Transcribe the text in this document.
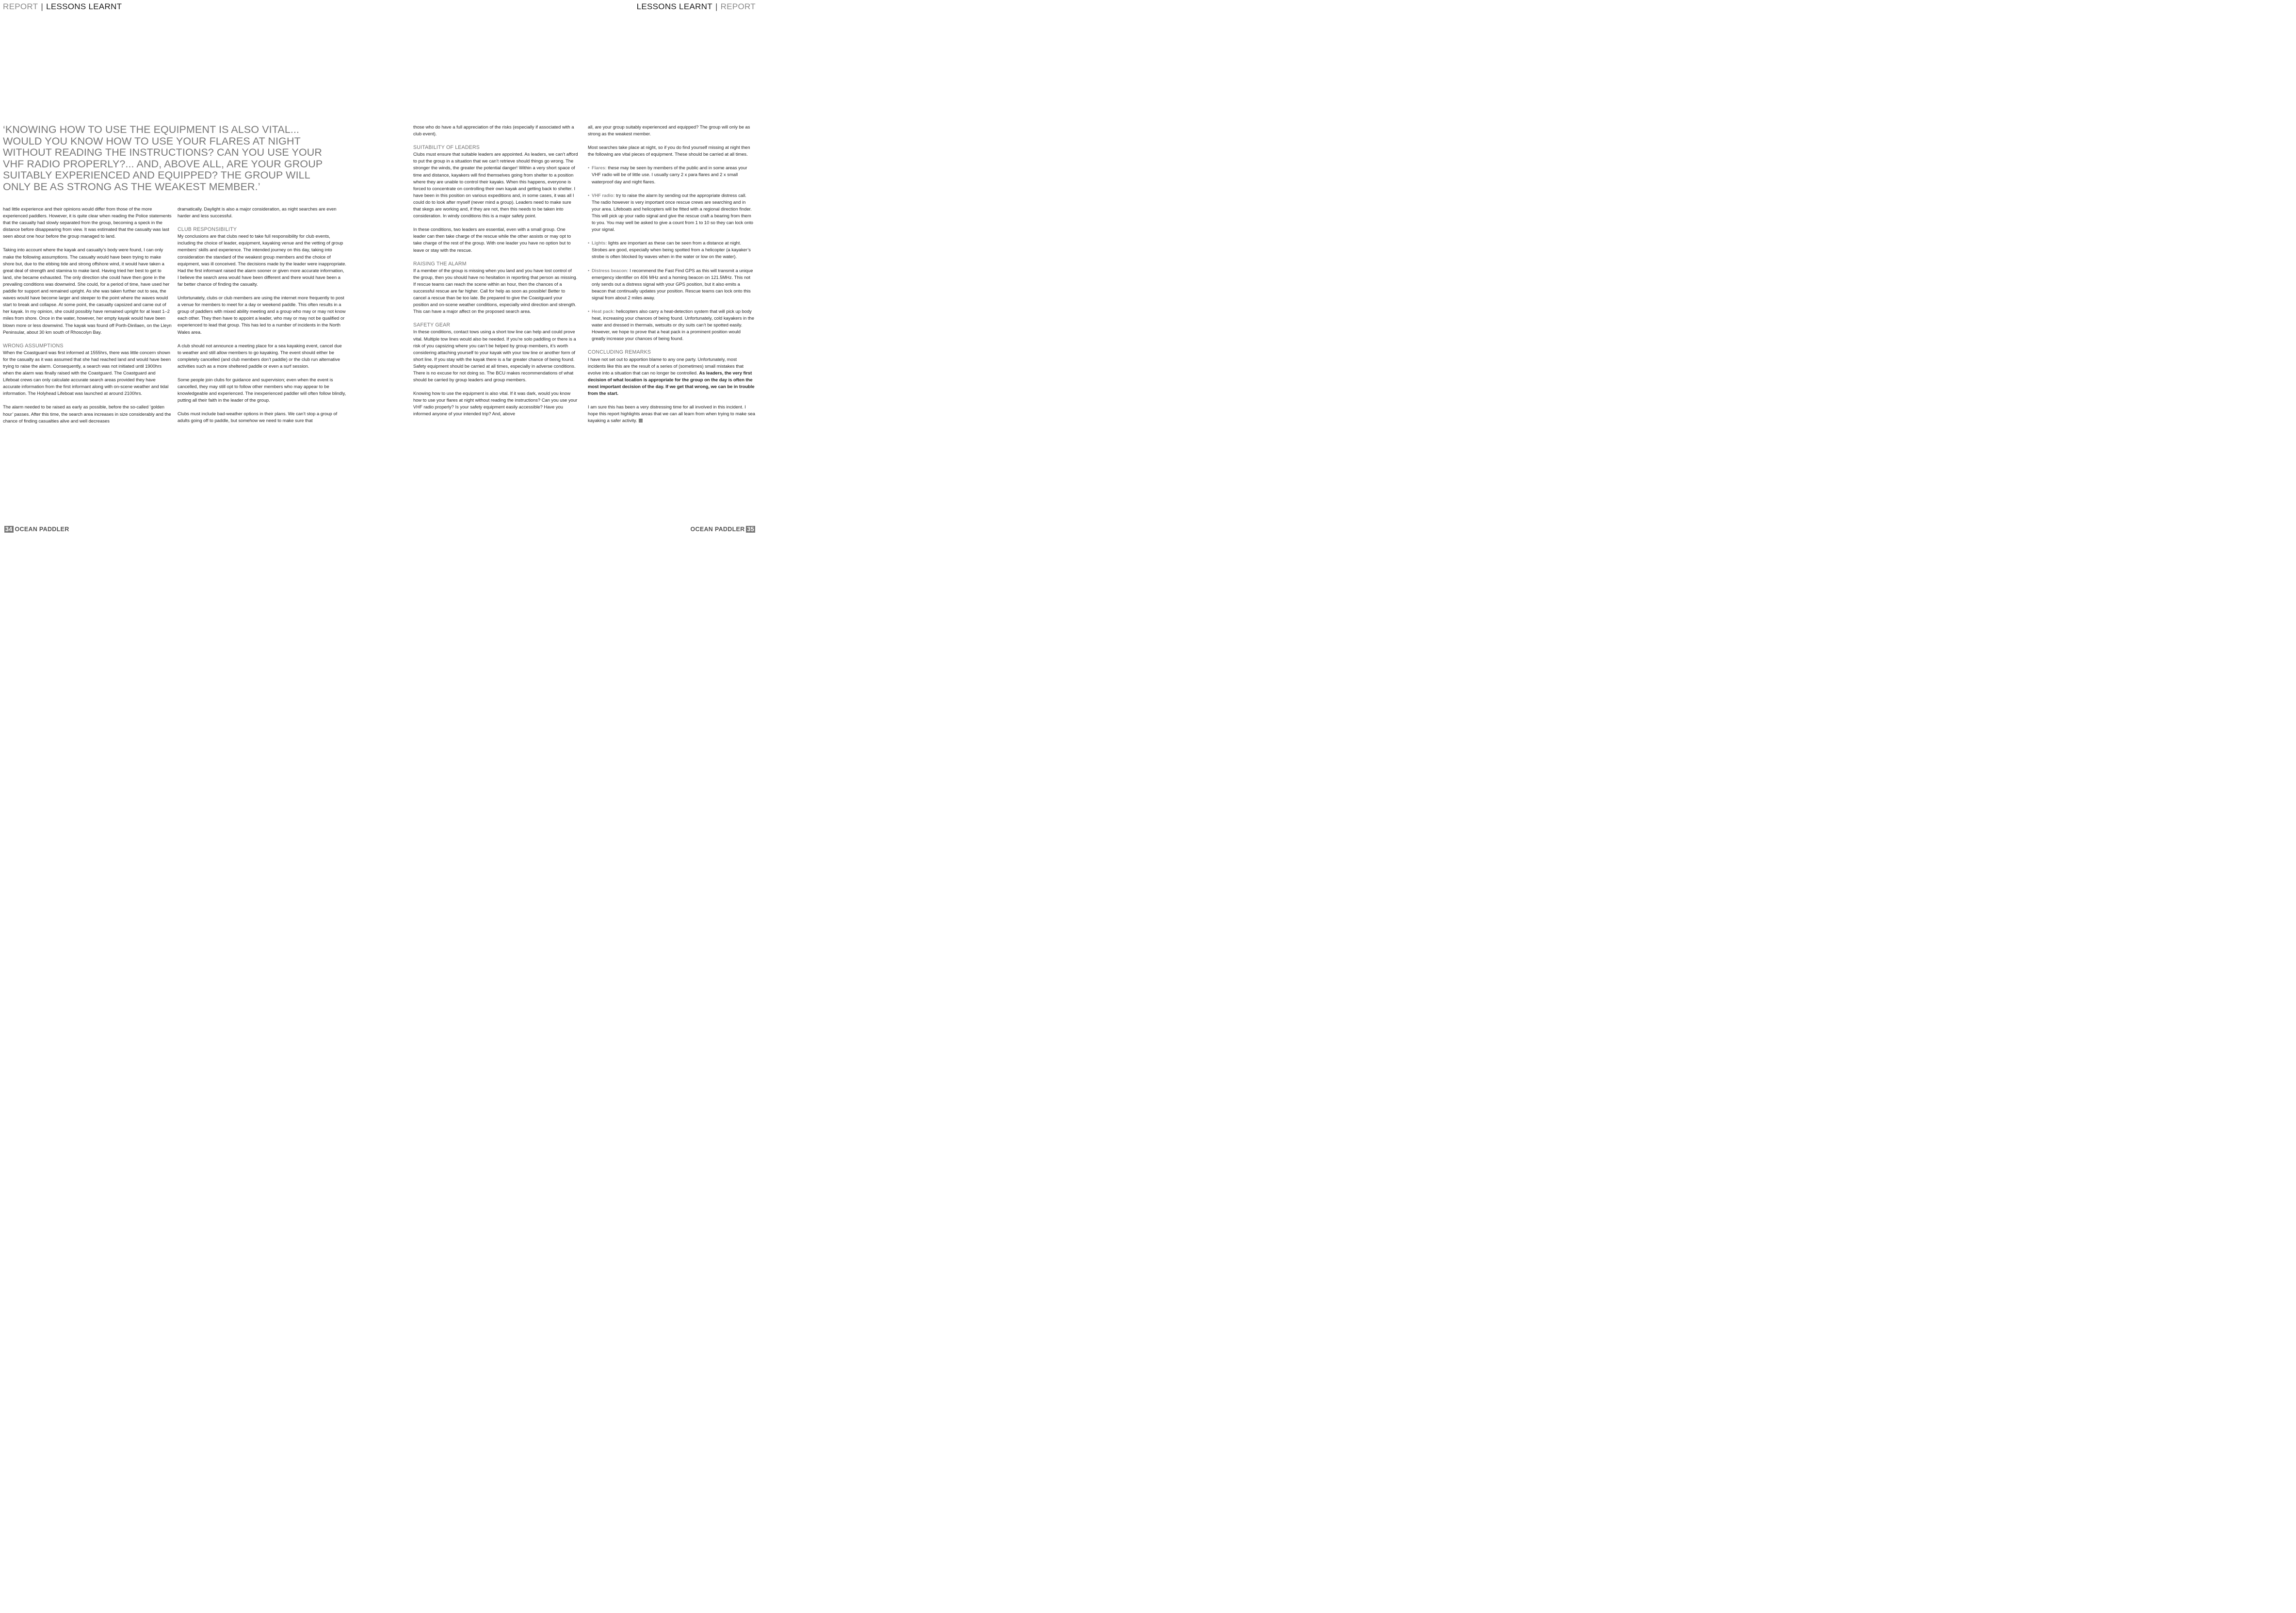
REPORT | LESSONS LEARNT	LESSONS LEARNT | REPORT

‘KNOWING HOW TO USE THE EQUIPMENT IS ALSO VITAL... WOULD YOU KNOW HOW TO USE YOUR FLARES AT NIGHT WITHOUT READING THE INSTRUCTIONS? CAN YOU USE YOUR VHF RADIO PROPERLY?... AND, ABOVE ALL, ARE YOUR GROUP SUITABLY EXPERIENCED AND EQUIPPED? THE GROUP WILL ONLY BE AS STRONG AS THE WEAKEST MEMBER.’

had little experience and their opinions would differ from those of the more experienced paddlers. However, it is quite clear when reading the Police statements that the casualty had slowly separated from the group, becoming a speck in the distance before disappearing from view. It was estimated that the casualty was last seen about one hour before the group managed to land.

Taking into account where the kayak and casualty’s body were found, I can only make the following assumptions. The casualty would have been trying to make shore but, due to the ebbing tide and strong offshore wind, it would have taken a great deal of strength and stamina to make land. Having tried her best to get to land, she became exhausted. The only direction she could have then gone in the prevailing conditions was downwind. She could, for a period of time, have used her paddle for support and remained upright. As she was taken further out to sea, the waves would have become larger and steeper to the point where the waves would start to break and collapse. At some point, the casualty capsized and came out of her kayak. In my opinion, she could possibly have remained upright for at least 1–2 miles from shore. Once in the water, however, her empty kayak would have been blown more or less downwind. The kayak was found off Porth-Dinllaen, on the Lleyn Peninsular, about 30 km south of Rhoscolyn Bay.

WRONG ASSUMPTIONS

When the Coastguard was first informed at 1555hrs, there was little concern shown for the casualty as it was assumed that she had reached land and would have been trying to raise the alarm. Consequently, a search was not initiated until 1900hrs when the alarm was finally raised with the Coastguard. The Coastguard and Lifeboat crews can only calculate accurate search areas provided they have accurate information from the first informant along with on-scene weather and tidal information. The Holyhead Lifeboat was launched at around 2100hrs.

The alarm needed to be raised as early as possible, before the so-called ‘golden hour’ passes. After this time, the search area increases in size considerably and the chance of finding casualties alive and well decreases

dramatically. Daylight is also a major consideration, as night searches are even harder and less successful.

CLUB RESPONSIBILITY

My conclusions are that clubs need to take full responsibility for club events, including the choice of leader, equipment, kayaking venue and the vetting of group members’ skills and experience. The intended journey on this day, taking into consideration the standard of the weakest group members and the choice of equipment, was ill conceived. The decisions made by the leader were inappropriate. Had the first informant raised the alarm sooner or given more accurate information, I believe the search area would have been different and there would have been a far better chance of finding the casualty.

Unfortunately, clubs or club members are using the internet more frequently to post a venue for members to meet for a day or weekend paddle. This often results in a group of paddlers with mixed ability meeting and a group who may or may not know each other. They then have to appoint a leader, who may or may not be qualified or experienced to lead that group. This has led to a number of incidents in the North Wales area.

A club should not announce a meeting place for a sea kayaking event, cancel due to weather and still allow members to go kayaking. The event should either be completely cancelled (and club members don’t paddle) or the club run alternative activities such as a more sheltered paddle or even a surf session.

Some people join clubs for guidance and supervision; even when the event is cancelled, they may still opt to follow other members who may appear to be knowledgeable and experienced. The inexperienced paddler will often follow blindly, putting all their faith in the leader of the group.

Clubs must include bad-weather options in their plans. We can’t stop a group of adults going off to paddle, but somehow we need to make sure that

those who do have a full appreciation of the risks (especially if associated with a club event).

SUITABILITY OF LEADERS

Clubs must ensure that suitable leaders are appointed. As leaders, we can’t afford to put the group in a situation that we can’t retrieve should things go wrong. The stronger the winds, the greater the potential danger! Within a very short space of time and distance, kayakers will find themselves going from shelter to a position where they are unable to control their kayaks. When this happens, everyone is forced to concentrate on controlling their own kayak and getting back to shelter. I have been in this position on various expeditions and, in some cases, it was all I could do to look after myself (never mind a group). Leaders need to make sure that skegs are working and, if they are not, then this needs to be taken into consideration. In windy conditions this is a major safety point.

In these conditions, two leaders are essential, even with a small group. One leader can then take charge of the rescue while the other assists or may opt to take charge of the rest of the group. With one leader you have no option but to leave or stay with the rescue.

RAISING THE ALARM

If a member of the group is missing when you land and you have lost control of the group, then you should have no hesitation in reporting that person as missing. If rescue teams can reach the scene within an hour, then the chances of a successful rescue are far higher. Call for help as soon as possible! Better to cancel a rescue than be too late. Be prepared to give the Coastguard your position and on-scene weather conditions, especially wind direction and strength. This can have a major affect on the proposed search area.

SAFETY GEAR

In these conditions, contact tows using a short tow line can help and could prove vital. Multiple tow lines would also be needed. If you’re solo paddling or there is a risk of you capsizing where you can’t be helped by group members, it’s worth considering attaching yourself to your kayak with your tow line or another form of short line. If you stay with the kayak there is a far greater chance of being found. Safety equipment should be carried at all times, especially in adverse conditions. There is no excuse for not doing so. The BCU makes recommendations of what should be carried by group leaders and group members.

Knowing how to use the equipment is also vital. If it was dark, would you know how to use your flares at night without reading the instructions? Can you use your VHF radio properly? Is your safety equipment easily accessible? Have you informed anyone of your intended trip? And, above

all, are your group suitably experienced and equipped? The group will only be as strong as the weakest member.

Most searches take place at night, so if you do find yourself missing at night then the following are vital pieces of equipment. These should be carried at all times.

• Flares: these may be seen by members of the public and in some areas your VHF radio will be of little use. I usually carry 2 x para flares and 2 x small waterproof day and night flares.
• VHF radio: try to raise the alarm by sending out the appropriate distress call. The radio however is very important once rescue crews are searching and in your area. Lifeboats and helicopters will be fitted with a regional direction finder. This will pick up your radio signal and give the rescue craft a bearing from them to you. You may well be asked to give a count from 1 to 10 so they can lock onto your signal.
• Lights: lights are important as these can be seen from a distance at night. Strobes are good, especially when being spotted from a helicopter (a kayaker’s strobe is often blocked by waves when in the water or low on the water).
• Distress beacon: I recommend the Fast Find GPS as this will transmit a unique emergency identifier on 406 MHz and a homing beacon on 121.5MHz. This not only sends out a distress signal with your GPS position, but it also emits a beacon that continually updates your position. Rescue teams can lock onto this signal from about 2 miles away.
• Heat pack: helicopters also carry a heat-detection system that will pick up body heat, increasing your chances of being found. Unfortunately, cold kayakers in the water and dressed in thermals, wetsuits or dry suits can’t be spotted easily. However, we hope to prove that a heat pack in a prominent position would greatly increase your chances of being found.
CONCLUDING REMARKS

I have not set out to apportion blame to any one party. Unfortunately, most incidents like this are the result of a series of (sometimes) small mistakes that evolve into a situation that can no longer be controlled. As leaders, the very first decision of what location is appropriate for the group on the day is often the most important decision of the day. If we get that wrong, we can be in trouble from the start.

I am sure this has been a very distressing time for all involved in this incident. I hope this report highlights areas that we can all learn from when trying to make sea kayaking a safer activity.

34 OCEAN PADDLER	OCEAN PADDLER 35
